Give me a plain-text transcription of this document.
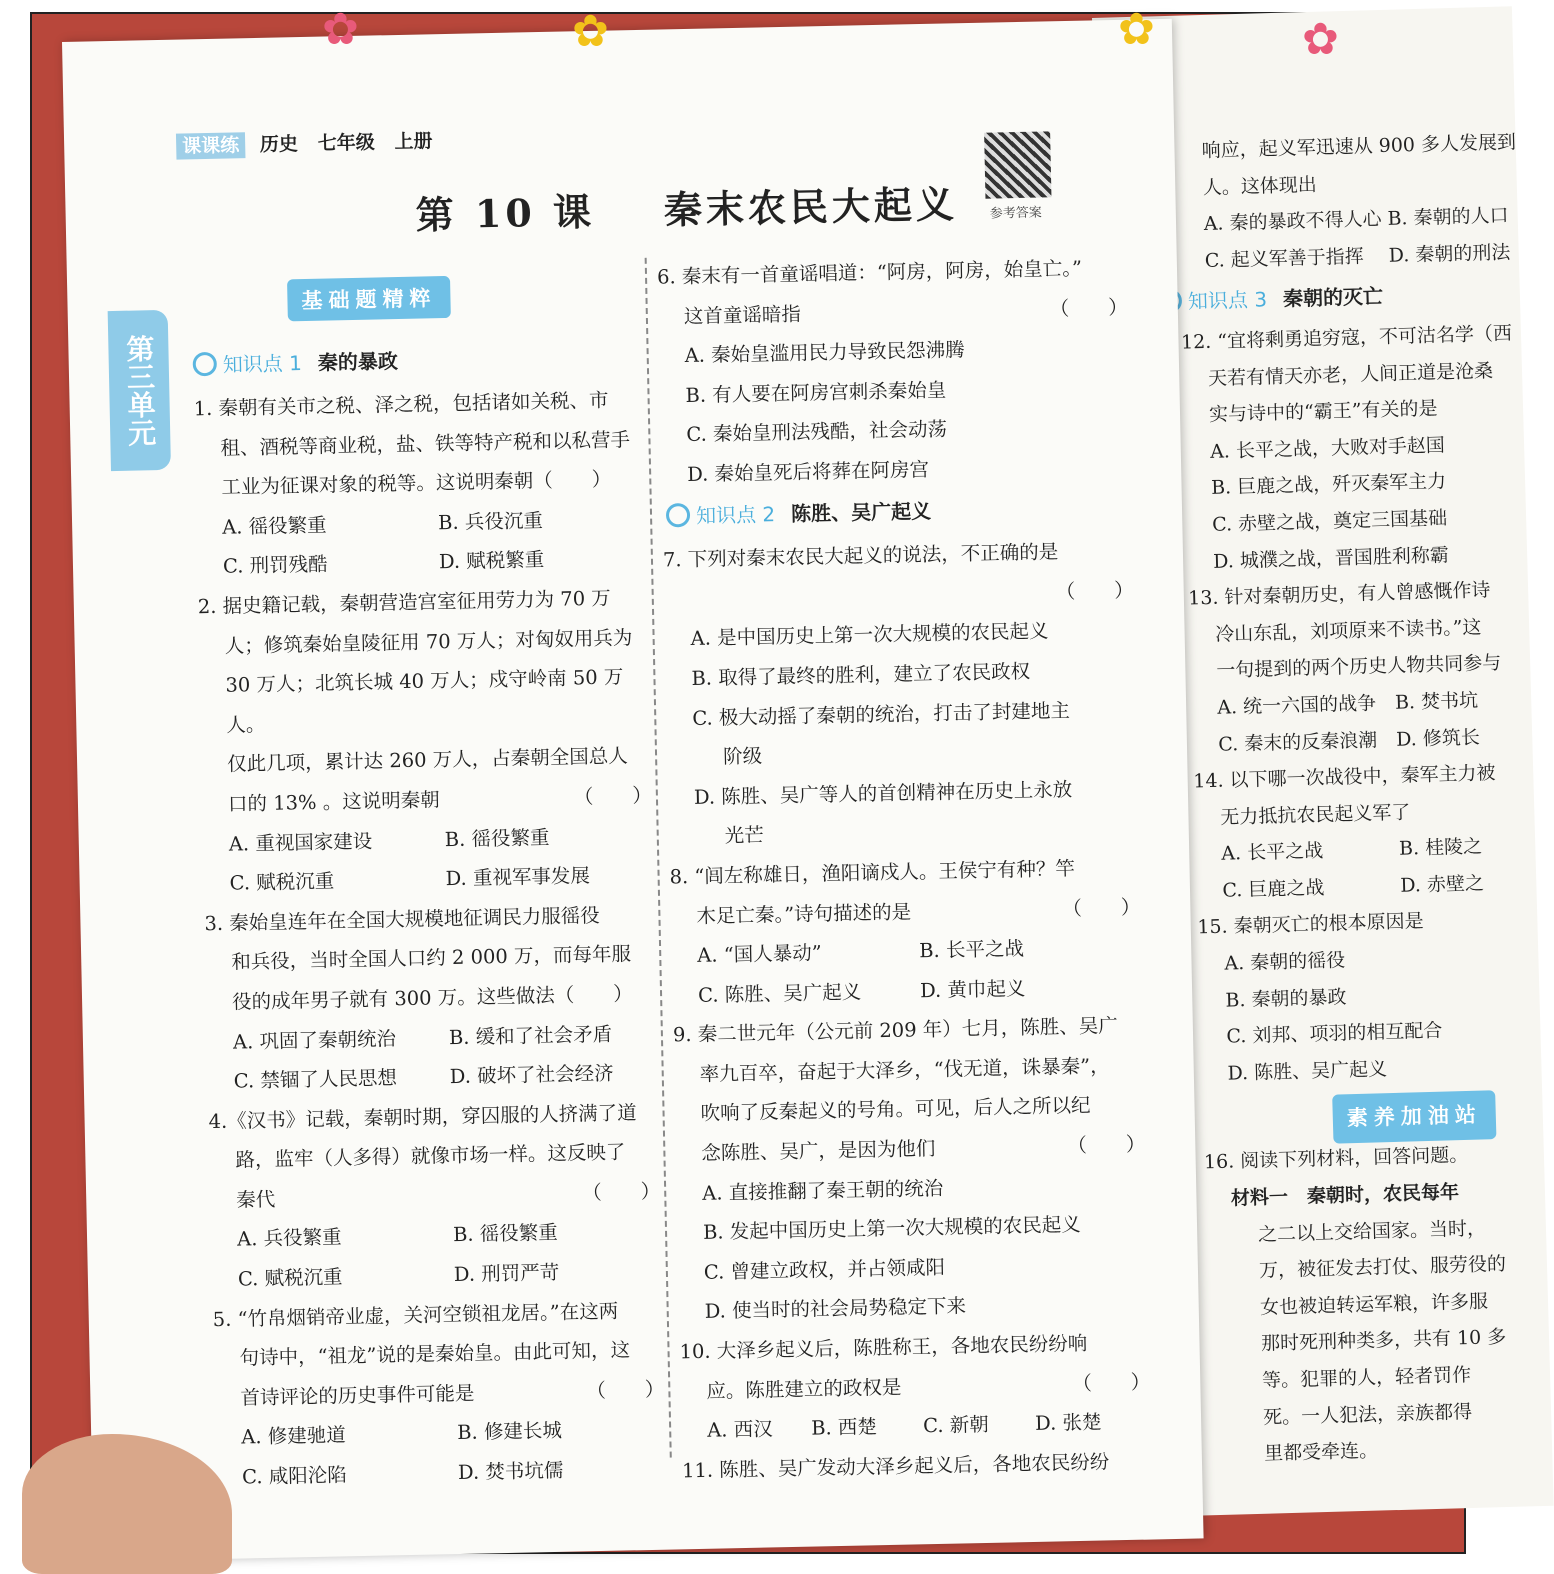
响应，起义军迅速从 900 多人发展到
人。这体现出
A. 秦的暴政不得人心 B. 秦朝的人口
C. 起义军善于指挥　 D. 秦朝的刑法
知识点 3 秦朝的灭亡
12. “宜将剩勇追穷寇，不可沽名学（西
天若有情天亦老，人间正道是沧桑
实与诗中的“霸王”有关的是
A. 长平之战，大败对手赵国
B. 巨鹿之战，歼灭秦军主力
C. 赤壁之战，奠定三国基础
D. 城濮之战，晋国胜利称霸
13. 针对秦朝历史，有人曾感慨作诗
冷山东乱，刘项原来不读书。”这
一句提到的两个历史人物共同参与
A. 统一六国的战争　B. 焚书坑
C. 秦末的反秦浪潮　D. 修筑长
14. 以下哪一次战役中，秦军主力被
无力抵抗农民起义军了
A. 长平之战　　　　B. 桂陵之
C. 巨鹿之战　　　　D. 赤壁之
15. 秦朝灭亡的根本原因是
A. 秦朝的徭役
B. 秦朝的暴政
C. 刘邦、项羽的相互配合
D. 陈胜、吴广起义
素养加油站
16. 阅读下列材料，回答问题。
材料一　秦朝时，农民每年
之二以上交给国家。当时，
万，被征发去打仗、服劳役的
女也被迫转运军粮，许多服
那时死刑种类多，共有 10 多
等。犯罪的人，轻者罚作
死。一人犯法，亲族都得
里都受牵连。
课课练 历史 七年级 上册
第 10 课 秦末农民大起义 参考答案
第三单元
基础题精粹
知识点 1 秦的暴政
1. 秦朝有关市之税、泽之税，包括诸如关税、市
租、酒税等商业税，盐、铁等特产税和以私营手
工业为征课对象的税等。这说明秦朝（　　）
A. 徭役繁重	B. 兵役沉重
C. 刑罚残酷	D. 赋税繁重
2. 据史籍记载，秦朝营造宫室征用劳力为 70 万
人；修筑秦始皇陵征用 70 万人；对匈奴用兵为
30 万人；北筑长城 40 万人；戍守岭南 50 万人。
仅此几项，累计达 260 万人，占秦朝全国总人
口的 13% 。这说明秦朝	（　　）
A. 重视国家建设	B. 徭役繁重
C. 赋税沉重	D. 重视军事发展
3. 秦始皇连年在全国大规模地征调民力服徭役
和兵役，当时全国人口约 2 000 万，而每年服
役的成年男子就有 300 万。这些做法（　　）
A. 巩固了秦朝统治	B. 缓和了社会矛盾
C. 禁锢了人民思想	D. 破坏了社会经济
4.《汉书》记载，秦朝时期，穿囚服的人挤满了道
路，监牢（人多得）就像市场一样。这反映了
秦代	（　　）
A. 兵役繁重	B. 徭役繁重
C. 赋税沉重	D. 刑罚严苛
5. “竹帛烟销帝业虚，关河空锁祖龙居。”在这两
句诗中，“祖龙”说的是秦始皇。由此可知，这
首诗评论的历史事件可能是	（　　）
A. 修建驰道	B. 修建长城
C. 咸阳沦陷	D. 焚书坑儒
6. 秦末有一首童谣唱道：“阿房，阿房，始皇亡。”
这首童谣暗指	（　　）
A. 秦始皇滥用民力导致民怨沸腾
B. 有人要在阿房宫刺杀秦始皇
C. 秦始皇刑法残酷，社会动荡
D. 秦始皇死后将葬在阿房宫
知识点 2 陈胜、吴广起义
7. 下列对秦末农民大起义的说法，不正确的是
（　　）

A. 是中国历史上第一次大规模的农民起义
B. 取得了最终的胜利，建立了农民政权
C. 极大动摇了秦朝的统治，打击了封建地主
阶级
D. 陈胜、吴广等人的首创精神在历史上永放
光芒
8. “闾左称雄日，渔阳谪戍人。王侯宁有种？竿
木足亡秦。”诗句描述的是	（　　）
A. “国人暴动”	B. 长平之战
C. 陈胜、吴广起义	D. 黄巾起义
9. 秦二世元年（公元前 209 年）七月，陈胜、吴广
率九百卒，奋起于大泽乡，“伐无道，诛暴秦”，
吹响了反秦起义的号角。可见，后人之所以纪
念陈胜、吴广，是因为他们	（　　）
A. 直接推翻了秦王朝的统治
B. 发起中国历史上第一次大规模的农民起义
C. 曾建立政权，并占领咸阳
D. 使当时的社会局势稳定下来
10. 大泽乡起义后，陈胜称王，各地农民纷纷响
应。陈胜建立的政权是	（　　）
A. 西汉	B. 西楚	C. 新朝	D. 张楚
11. 陈胜、吴广发动大泽乡起义后，各地农民纷纷
✿	✿	✿	✿
